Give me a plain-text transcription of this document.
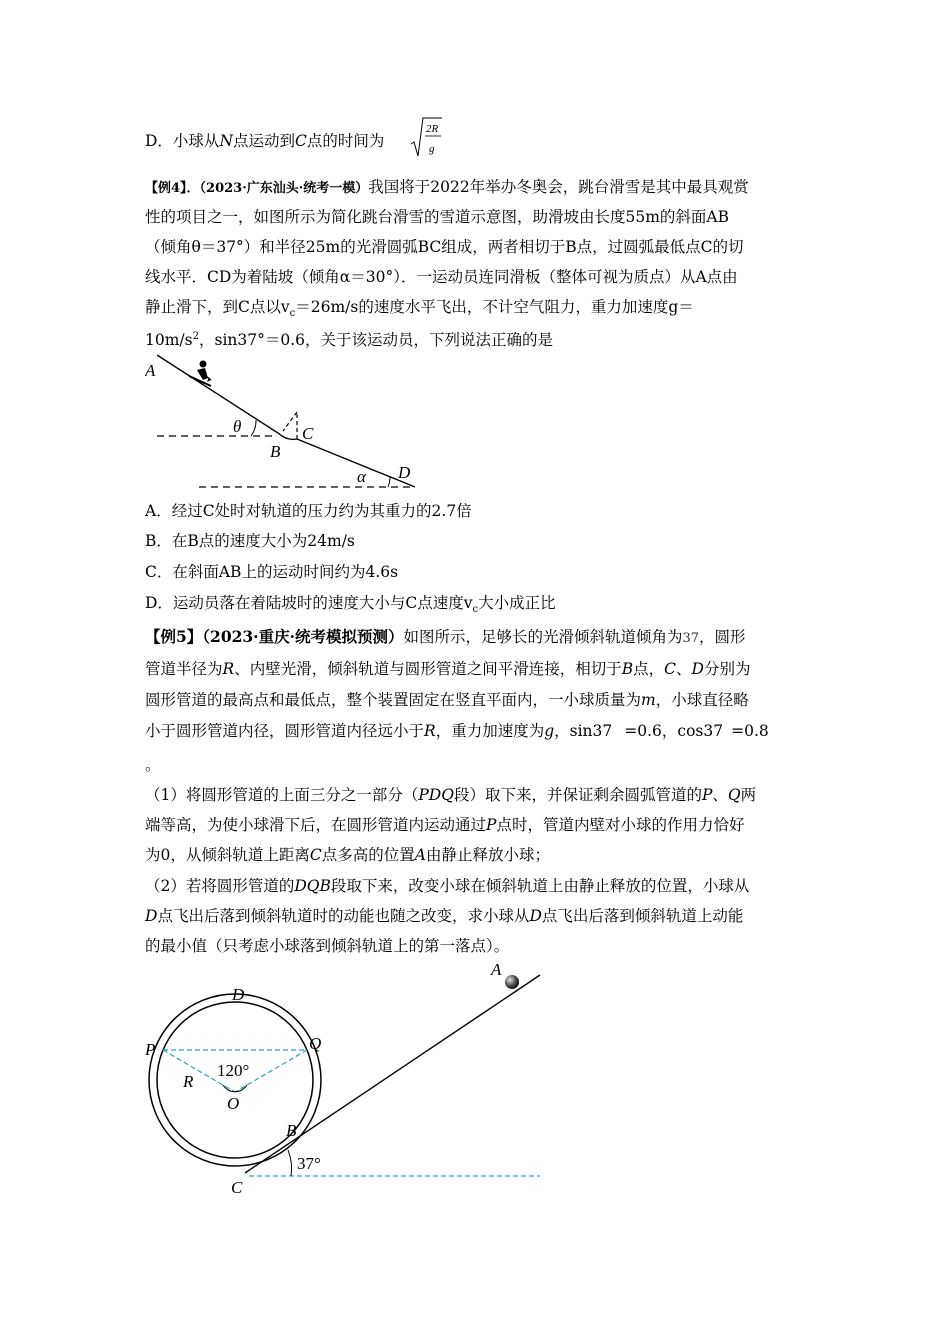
D．小球从N点运动到C点的时间为
2R
g
【例4】．（2023·广东汕头·统考一模）我国将于2022年举办冬奥会，跳台滑雪是其中最具观赏
性的项目之一，如图所示为简化跳台滑雪的雪道示意图，助滑坡由长度55m的斜面AB
（倾角θ＝37°）和半径25m的光滑圆弧BC组成，两者相切于B点，过圆弧最低点C的切
线水平．CD为着陆坡（倾角α＝30°）．一运动员连同滑板（整体可视为质点）从A点由
静止滑下，到C点以$v_c=26m/s$的速度水平飞出，不计空气阻力，重力加速度g＝
$10m/s^2$，sin37°＝0.6，关于该运动员，下列说法正确的是
A
B
C
D
θ
α
A．经过C处时对轨道的压力约为其重力的2.7倍
B．在B点的速度大小为24m/s
C．在斜面AB上的运动时间约为4.6s
D．运动员落在着陆坡时的速度大小与C点速度$v_c$大小成正比
【例5】（2023·重庆·统考模拟预测）如图所示，足够长的光滑倾斜轨道倾角为37，圆形
管道半径为R、内壁光滑，倾斜轨道与圆形管道之间平滑连接，相切于B点，C、D分别为
圆形管道的最高点和最低点，整个装置固定在竖直平面内，一小球质量为m，小球直径略
小于圆形管道内径，圆形管道内径远小于R，重力加速度为g，sin37 =0.6，cos37 =0.8
。
（1）将圆形管道的上面三分之一部分（PDQ段）取下来，并保证剩余圆弧管道的P、Q两
端等高，为使小球滑下后，在圆形管道内运动通过P点时，管道内壁对小球的作用力恰好
为0，从倾斜轨道上距离C点多高的位置A由静止释放小球；
（2）若将圆形管道的DQB段取下来，改变小球在倾斜轨道上由静止释放的位置，小球从
D点飞出后落到倾斜轨道时的动能也随之改变，求小球从D点飞出后落到倾斜轨道上动能
的最小值（只考虑小球落到倾斜轨道上的第一落点）。
A
D
P	Q
R
O
B
C
120°
37°
